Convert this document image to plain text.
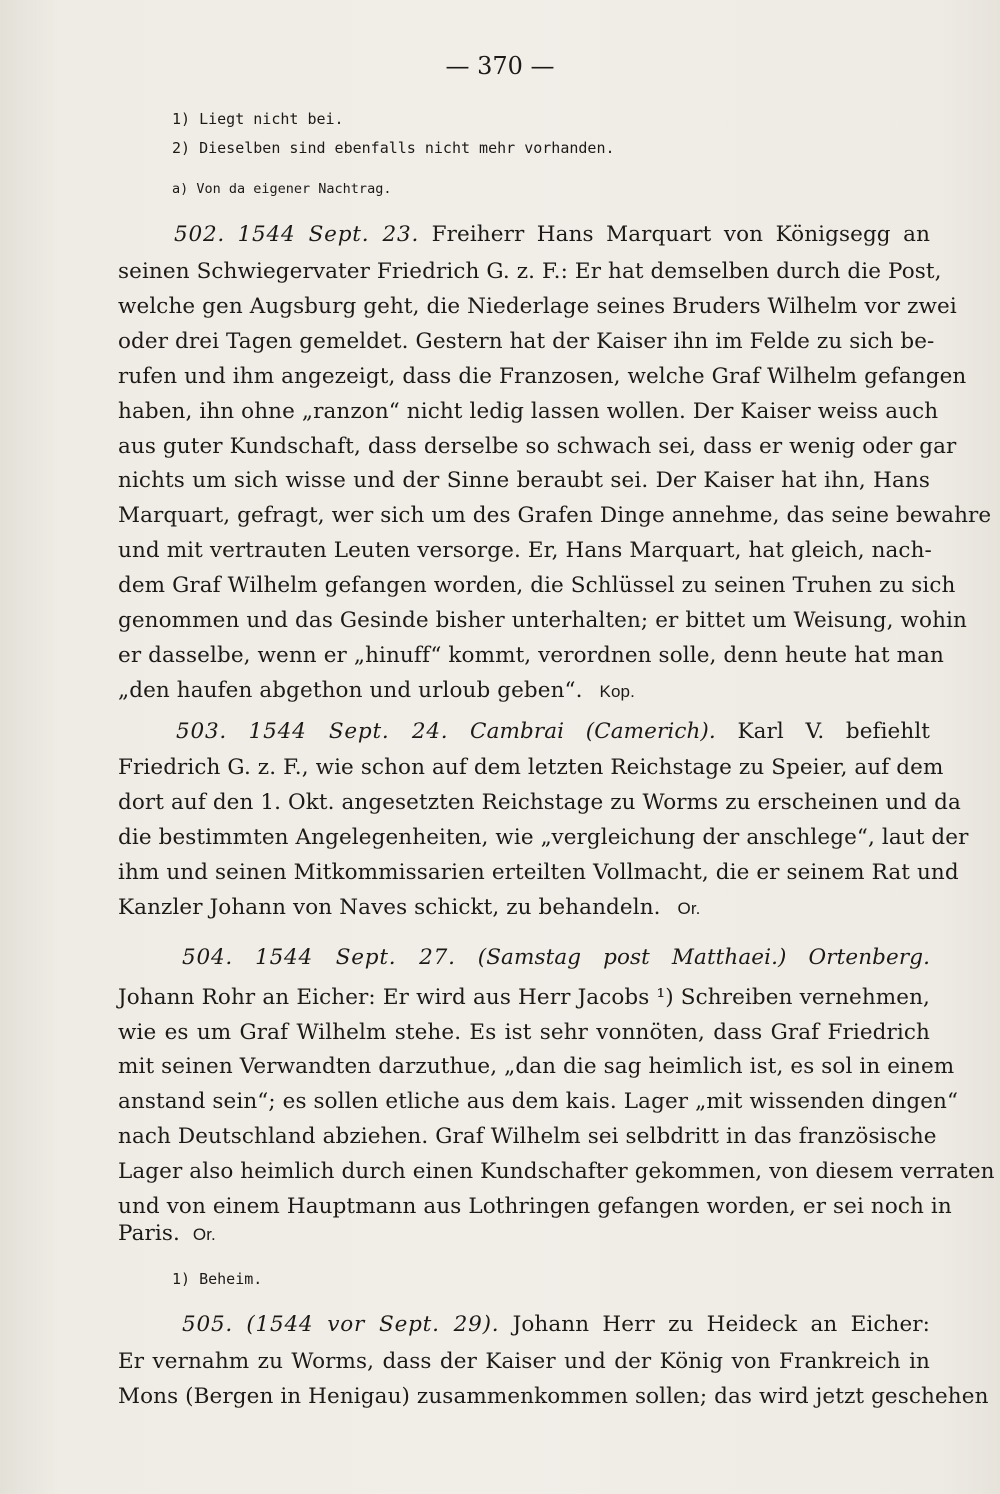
— 370 —
1) Liegt nicht bei.
2) Dieselben sind ebenfalls nicht mehr vorhanden.
a) Von da eigener Nachtrag.
502. 1544 Sept. 23. Freiherr Hans Marquart von Königsegg an
seinen Schwiegervater Friedrich G. z. F.: Er hat demselben durch die Post,
welche gen Augsburg geht, die Niederlage seines Bruders Wilhelm vor zwei
oder drei Tagen gemeldet. Gestern hat der Kaiser ihn im Felde zu sich be-
rufen und ihm angezeigt, dass die Franzosen, welche Graf Wilhelm gefangen
haben, ihn ohne „ranzon“ nicht ledig lassen wollen. Der Kaiser weiss auch
aus guter Kundschaft, dass derselbe so schwach sei, dass er wenig oder gar
nichts um sich wisse und der Sinne beraubt sei. Der Kaiser hat ihn, Hans
Marquart, gefragt, wer sich um des Grafen Dinge annehme, das seine bewahre
und mit vertrauten Leuten versorge. Er, Hans Marquart, hat gleich, nach-
dem Graf Wilhelm gefangen worden, die Schlüssel zu seinen Truhen zu sich
genommen und das Gesinde bisher unterhalten; er bittet um Weisung, wohin
er dasselbe, wenn er „hinuff“ kommt, verordnen solle, denn heute hat man
„den haufen abgethon und urloub geben“. Kop.
503. 1544 Sept. 24. Cambrai (Camerich). Karl V. befiehlt
Friedrich G. z. F., wie schon auf dem letzten Reichstage zu Speier, auf dem
dort auf den 1. Okt. angesetzten Reichstage zu Worms zu erscheinen und da
die bestimmten Angelegenheiten, wie „vergleichung der anschlege“, laut der
ihm und seinen Mitkommissarien erteilten Vollmacht, die er seinem Rat und
Kanzler Johann von Naves schickt, zu behandeln. Or.
504. 1544 Sept. 27. (Samstag post Matthaei.) Ortenberg.
Johann Rohr an Eicher: Er wird aus Herr Jacobs ¹) Schreiben vernehmen,
wie es um Graf Wilhelm stehe. Es ist sehr vonnöten, dass Graf Friedrich
mit seinen Verwandten darzuthue, „dan die sag heimlich ist, es sol in einem
anstand sein“; es sollen etliche aus dem kais. Lager „mit wissenden dingen“
nach Deutschland abziehen. Graf Wilhelm sei selbdritt in das französische
Lager also heimlich durch einen Kundschafter gekommen, von diesem verraten
und von einem Hauptmann aus Lothringen gefangen worden, er sei noch in
Paris. Or.
1) Beheim.
505. (1544 vor Sept. 29). Johann Herr zu Heideck an Eicher:
Er vernahm zu Worms, dass der Kaiser und der König von Frankreich in
Mons (Bergen in Henigau) zusammenkommen sollen; das wird jetzt geschehen
